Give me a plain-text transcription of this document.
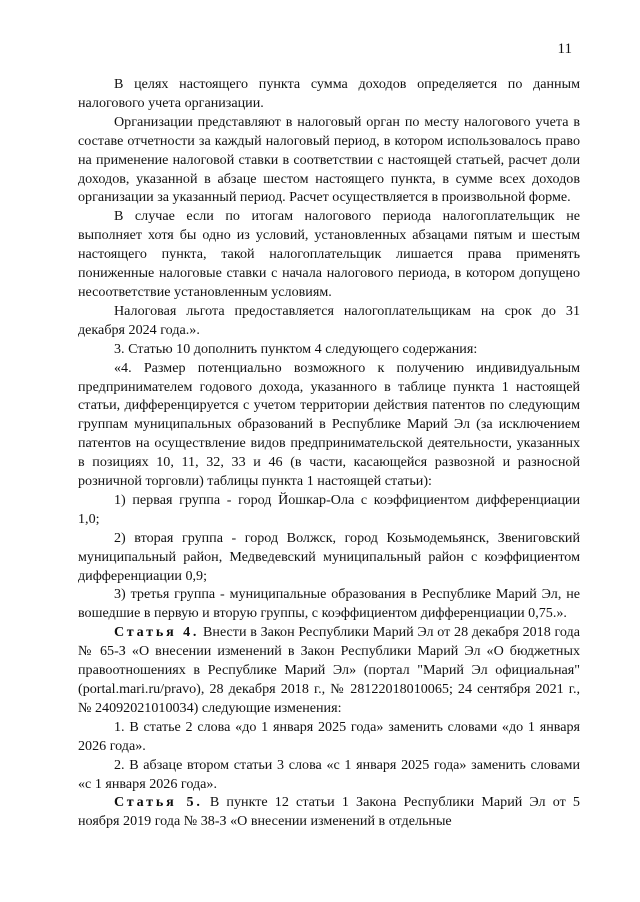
11

В целях настоящего пункта сумма доходов определяется по данным налогового учета организации.

Организации представляют в налоговый орган по месту налогового учета в составе отчетности за каждый налоговый период, в котором использовалось право на применение налоговой ставки в соответствии с настоящей статьей, расчет доли доходов, указанной в абзаце шестом настоящего пункта, в сумме всех доходов организации за указанный период. Расчет осуществляется в произвольной форме.

В случае если по итогам налогового периода налогоплательщик не выполняет хотя бы одно из условий, установленных абзацами пятым и шестым настоящего пункта, такой налогоплательщик лишается права применять пониженные налоговые ставки с начала налогового периода, в котором допущено несоответствие установленным условиям.

Налоговая льгота предоставляется налогоплательщикам на срок до 31 декабря 2024 года.».

3. Статью 10 дополнить пунктом 4 следующего содержания:

«4. Размер потенциально возможного к получению индивидуальным предпринимателем годового дохода, указанного в таблице пункта 1 настоящей статьи, дифференцируется с учетом территории действия патентов по следующим группам муниципальных образований в Республике Марий Эл (за исключением патентов на осуществление видов предпринимательской деятельности, указанных в позициях 10, 11, 32, 33 и 46 (в части, касающейся развозной и разносной розничной торговли) таблицы пункта 1 настоящей статьи):

1) первая группа - город Йошкар-Ола с коэффициентом дифференциации 1,0;

2) вторая группа - город Волжск, город Козьмодемьянск, Звениговский муниципальный район, Медведевский муниципальный район с коэффициентом дифференциации 0,9;

3) третья группа - муниципальные образования в Республике Марий Эл, не вошедшие в первую и вторую группы, с коэффициентом дифференциации 0,75.».

Статья 4. Внести в Закон Республики Марий Эл от 28 декабря 2018 года № 65-З «О внесении изменений в Закон Республики Марий Эл «О бюджетных правоотношениях в Республике Марий Эл» (портал "Марий Эл официальная" (portal.mari.ru/pravo), 28 декабря 2018 г., № 28122018010065; 24 сентября 2021 г., № 24092021010034) следующие изменения:

1. В статье 2 слова «до 1 января 2025 года» заменить словами «до 1 января 2026 года».

2. В абзаце втором статьи 3 слова «с 1 января 2025 года» заменить словами «с 1 января 2026 года».

Статья 5. В пункте 12 статьи 1 Закона Республики Марий Эл от 5 ноября 2019 года № 38-З «О внесении изменений в отдельные
